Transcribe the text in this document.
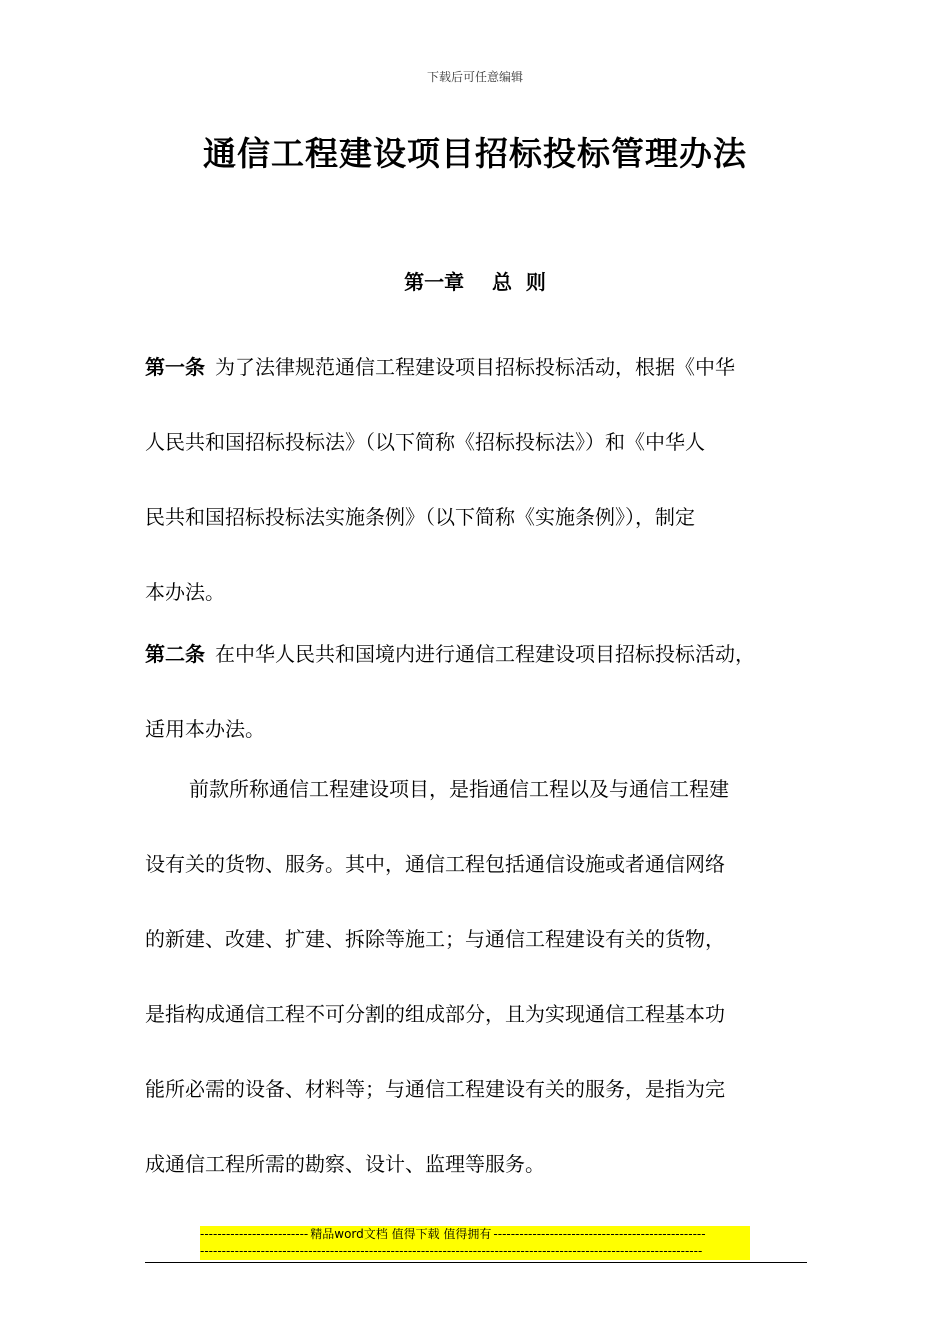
下载后可任意编辑
通信工程建设项目招标投标管理办法
第一章    总  则
第一条 为了法律规范通信工程建设项目招标投标活动，根据《中华
人民共和国招标投标法》（以下简称《招标投标法》）和《中华人
民共和国招标投标法实施条例》（以下简称《实施条例》），制定
本办法。
第二条 在中华人民共和国境内进行通信工程建设项目招标投标活动，
适用本办法。
前款所称通信工程建设项目，是指通信工程以及与通信工程建
设有关的货物、服务。其中，通信工程包括通信设施或者通信网络
的新建、改建、扩建、拆除等施工；与通信工程建设有关的货物，
是指构成通信工程不可分割的组成部分，且为实现通信工程基本功
能所必需的设备、材料等；与通信工程建设有关的服务，是指为完
成通信工程所需的勘察、设计、监理等服务。
------------------------- 精品word文档 值得下载 值得拥有 -------------------------------------------------
--------------------------------------------------------------------------------------------------------------------
